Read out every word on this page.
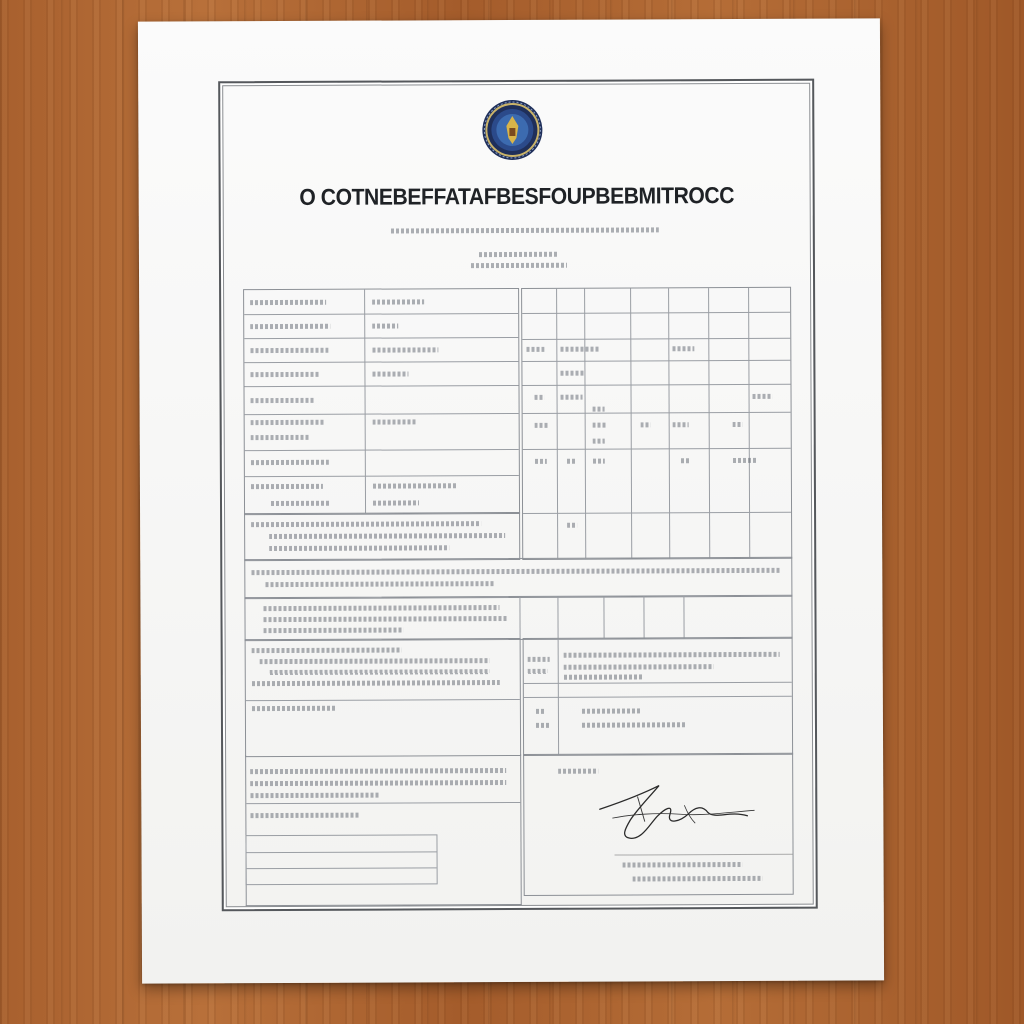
O COTNEBEFFATAFBESFOUPBEBMITROCC
